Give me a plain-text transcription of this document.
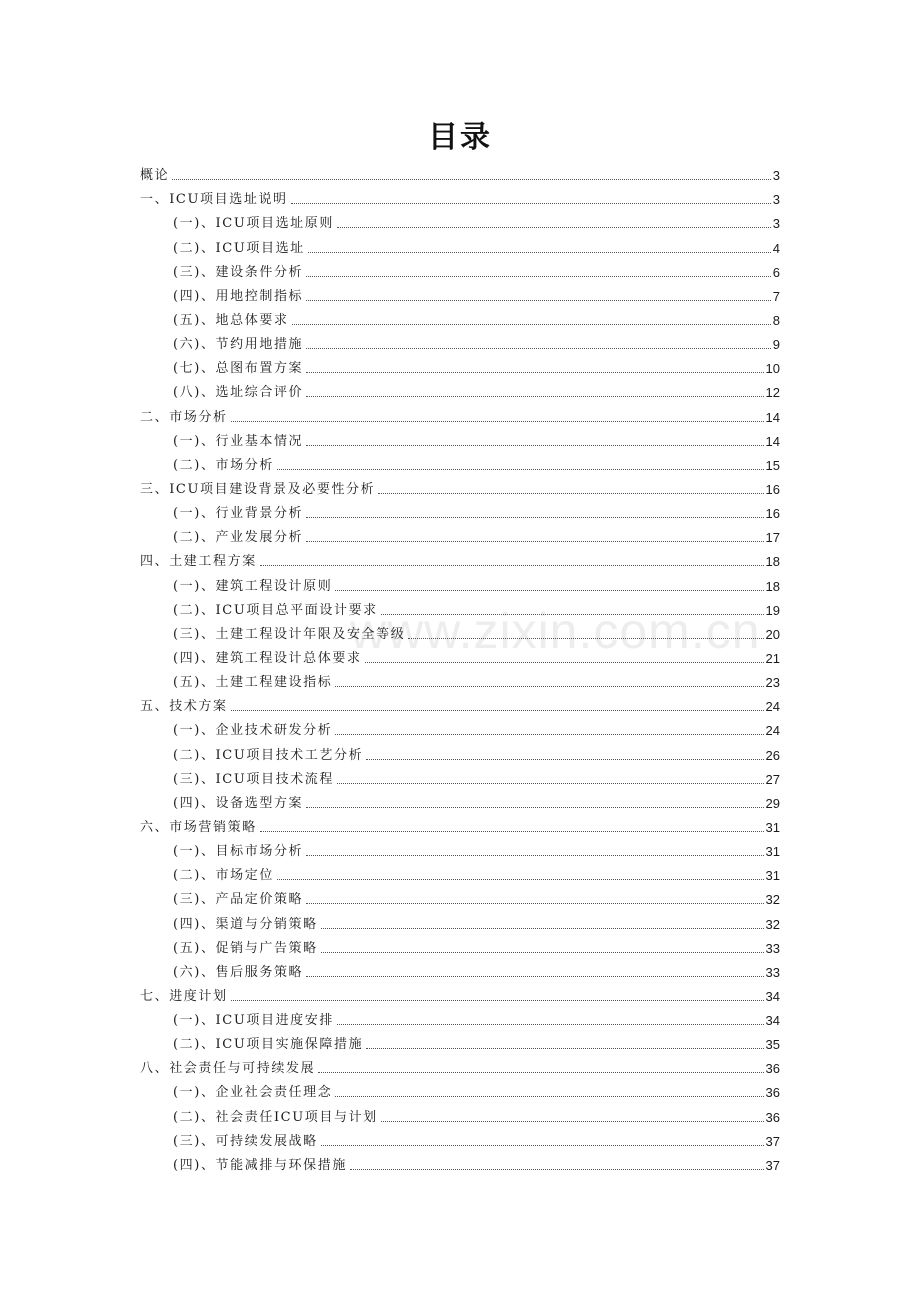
目录
www.zixin.com.cn
概论	3
一、ICU项目选址说明	3
(一)、ICU项目选址原则	3
(二)、ICU项目选址	4
(三)、建设条件分析	6
(四)、用地控制指标	7
(五)、地总体要求	8
(六)、节约用地措施	9
(七)、总图布置方案	10
(八)、选址综合评价	12
二、市场分析	14
(一)、行业基本情况	14
(二)、市场分析	15
三、ICU项目建设背景及必要性分析	16
(一)、行业背景分析	16
(二)、产业发展分析	17
四、土建工程方案	18
(一)、建筑工程设计原则	18
(二)、ICU项目总平面设计要求	19
(三)、土建工程设计年限及安全等级	20
(四)、建筑工程设计总体要求	21
(五)、土建工程建设指标	23
五、技术方案	24
(一)、企业技术研发分析	24
(二)、ICU项目技术工艺分析	26
(三)、ICU项目技术流程	27
(四)、设备选型方案	29
六、市场营销策略	31
(一)、目标市场分析	31
(二)、市场定位	31
(三)、产品定价策略	32
(四)、渠道与分销策略	32
(五)、促销与广告策略	33
(六)、售后服务策略	33
七、进度计划	34
(一)、ICU项目进度安排	34
(二)、ICU项目实施保障措施	35
八、社会责任与可持续发展	36
(一)、企业社会责任理念	36
(二)、社会责任ICU项目与计划	36
(三)、可持续发展战略	37
(四)、节能减排与环保措施	37
